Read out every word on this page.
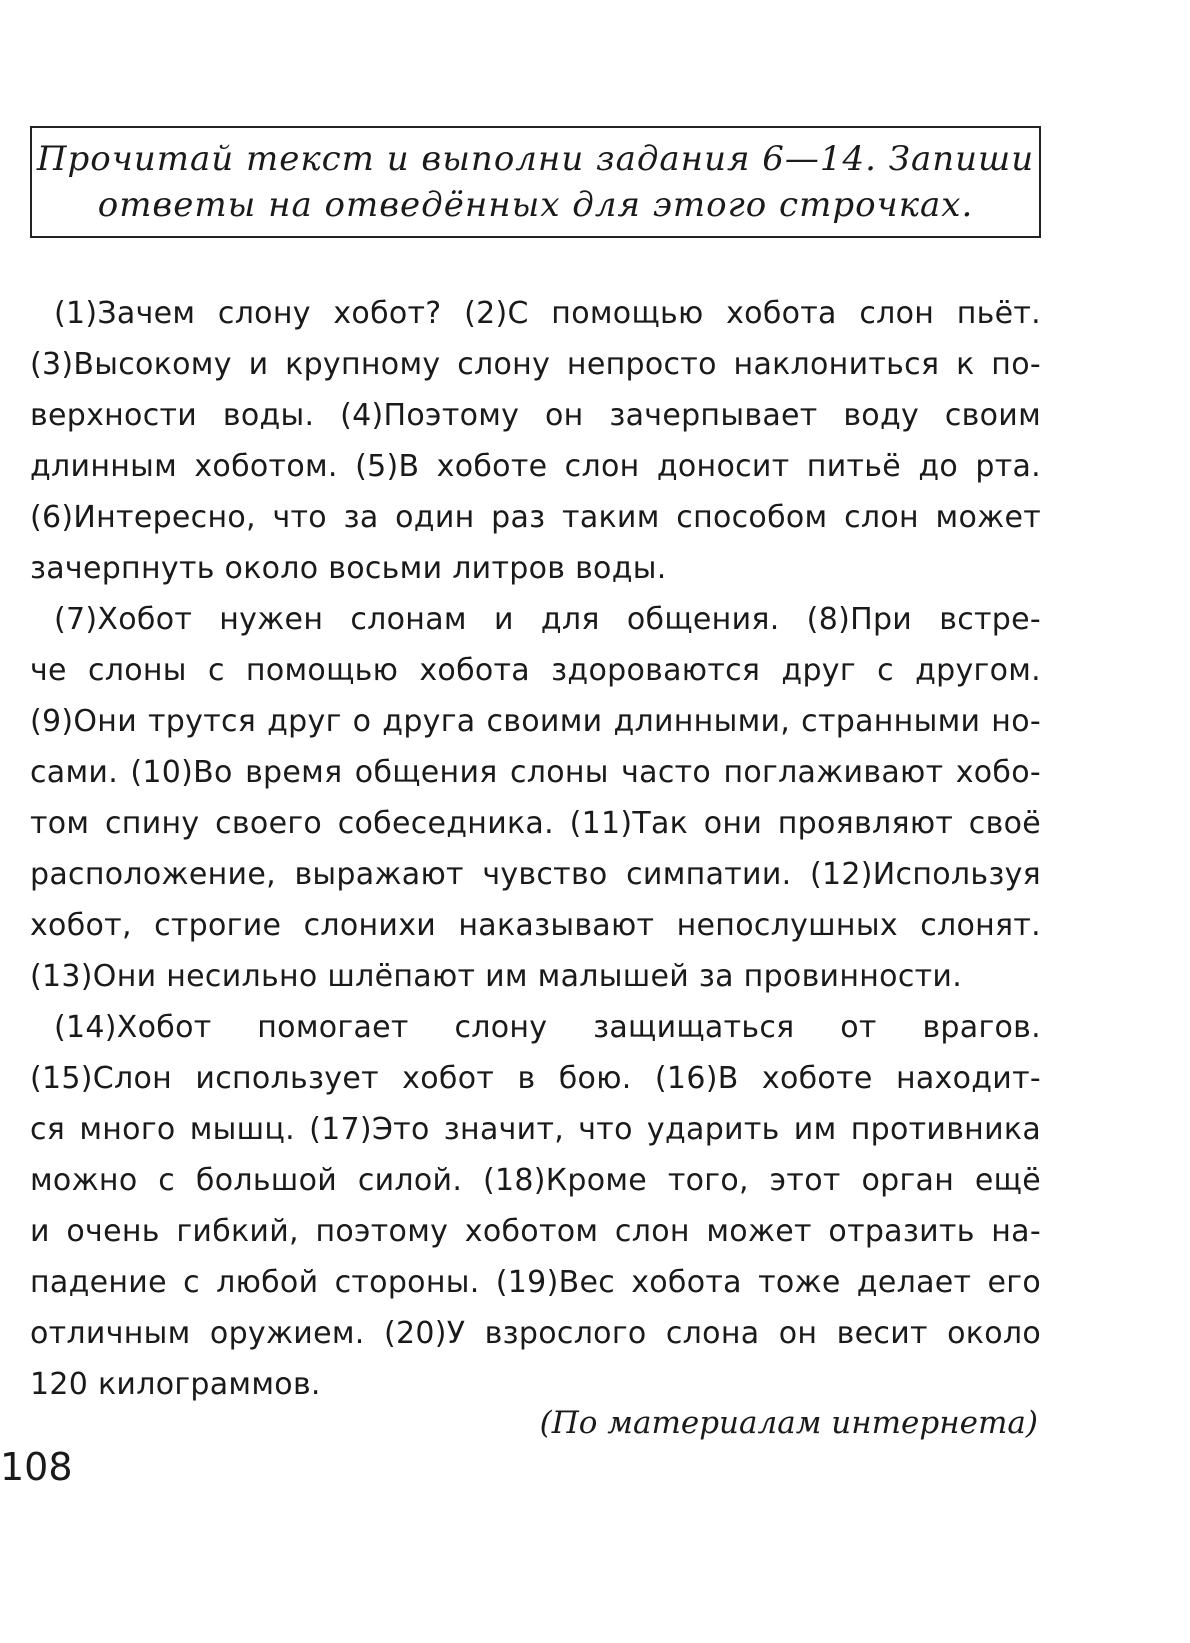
Прочитай текст и выполни задания 6—14. Запиши
ответы на отведённых для этого строчках.
(1)Зачем слону хобот? (2)С помощью хобота слон пьёт.
(3)Высокому и крупному слону непросто наклониться к по-
верхности воды. (4)Поэтому он зачерпывает воду своим
длинным хоботом. (5)В хоботе слон доносит питьё до рта.
(6)Интересно, что за один раз таким способом слон может
зачерпнуть около восьми литров воды.
(7)Хобот нужен слонам и для общения. (8)При встре-
че слоны с помощью хобота здороваются друг с другом.
(9)Они трутся друг о друга своими длинными, странными но-
сами. (10)Во время общения слоны часто поглаживают хобо-
том спину своего собеседника. (11)Так они проявляют своё
расположение, выражают чувство симпатии. (12)Используя
хобот, строгие слонихи наказывают непослушных слонят.
(13)Они несильно шлёпают им малышей за провинности.
(14)Хобот помогает слону защищаться от врагов.
(15)Слон использует хобот в бою. (16)В хоботе находит-
ся много мышц. (17)Это значит, что ударить им противника
можно с большой силой. (18)Кроме того, этот орган ещё
и очень гибкий, поэтому хоботом слон может отразить на-
падение с любой стороны. (19)Вес хобота тоже делает его
отличным оружием. (20)У взрослого слона он весит около
120 килограммов.
(По материалам интернета)
108
